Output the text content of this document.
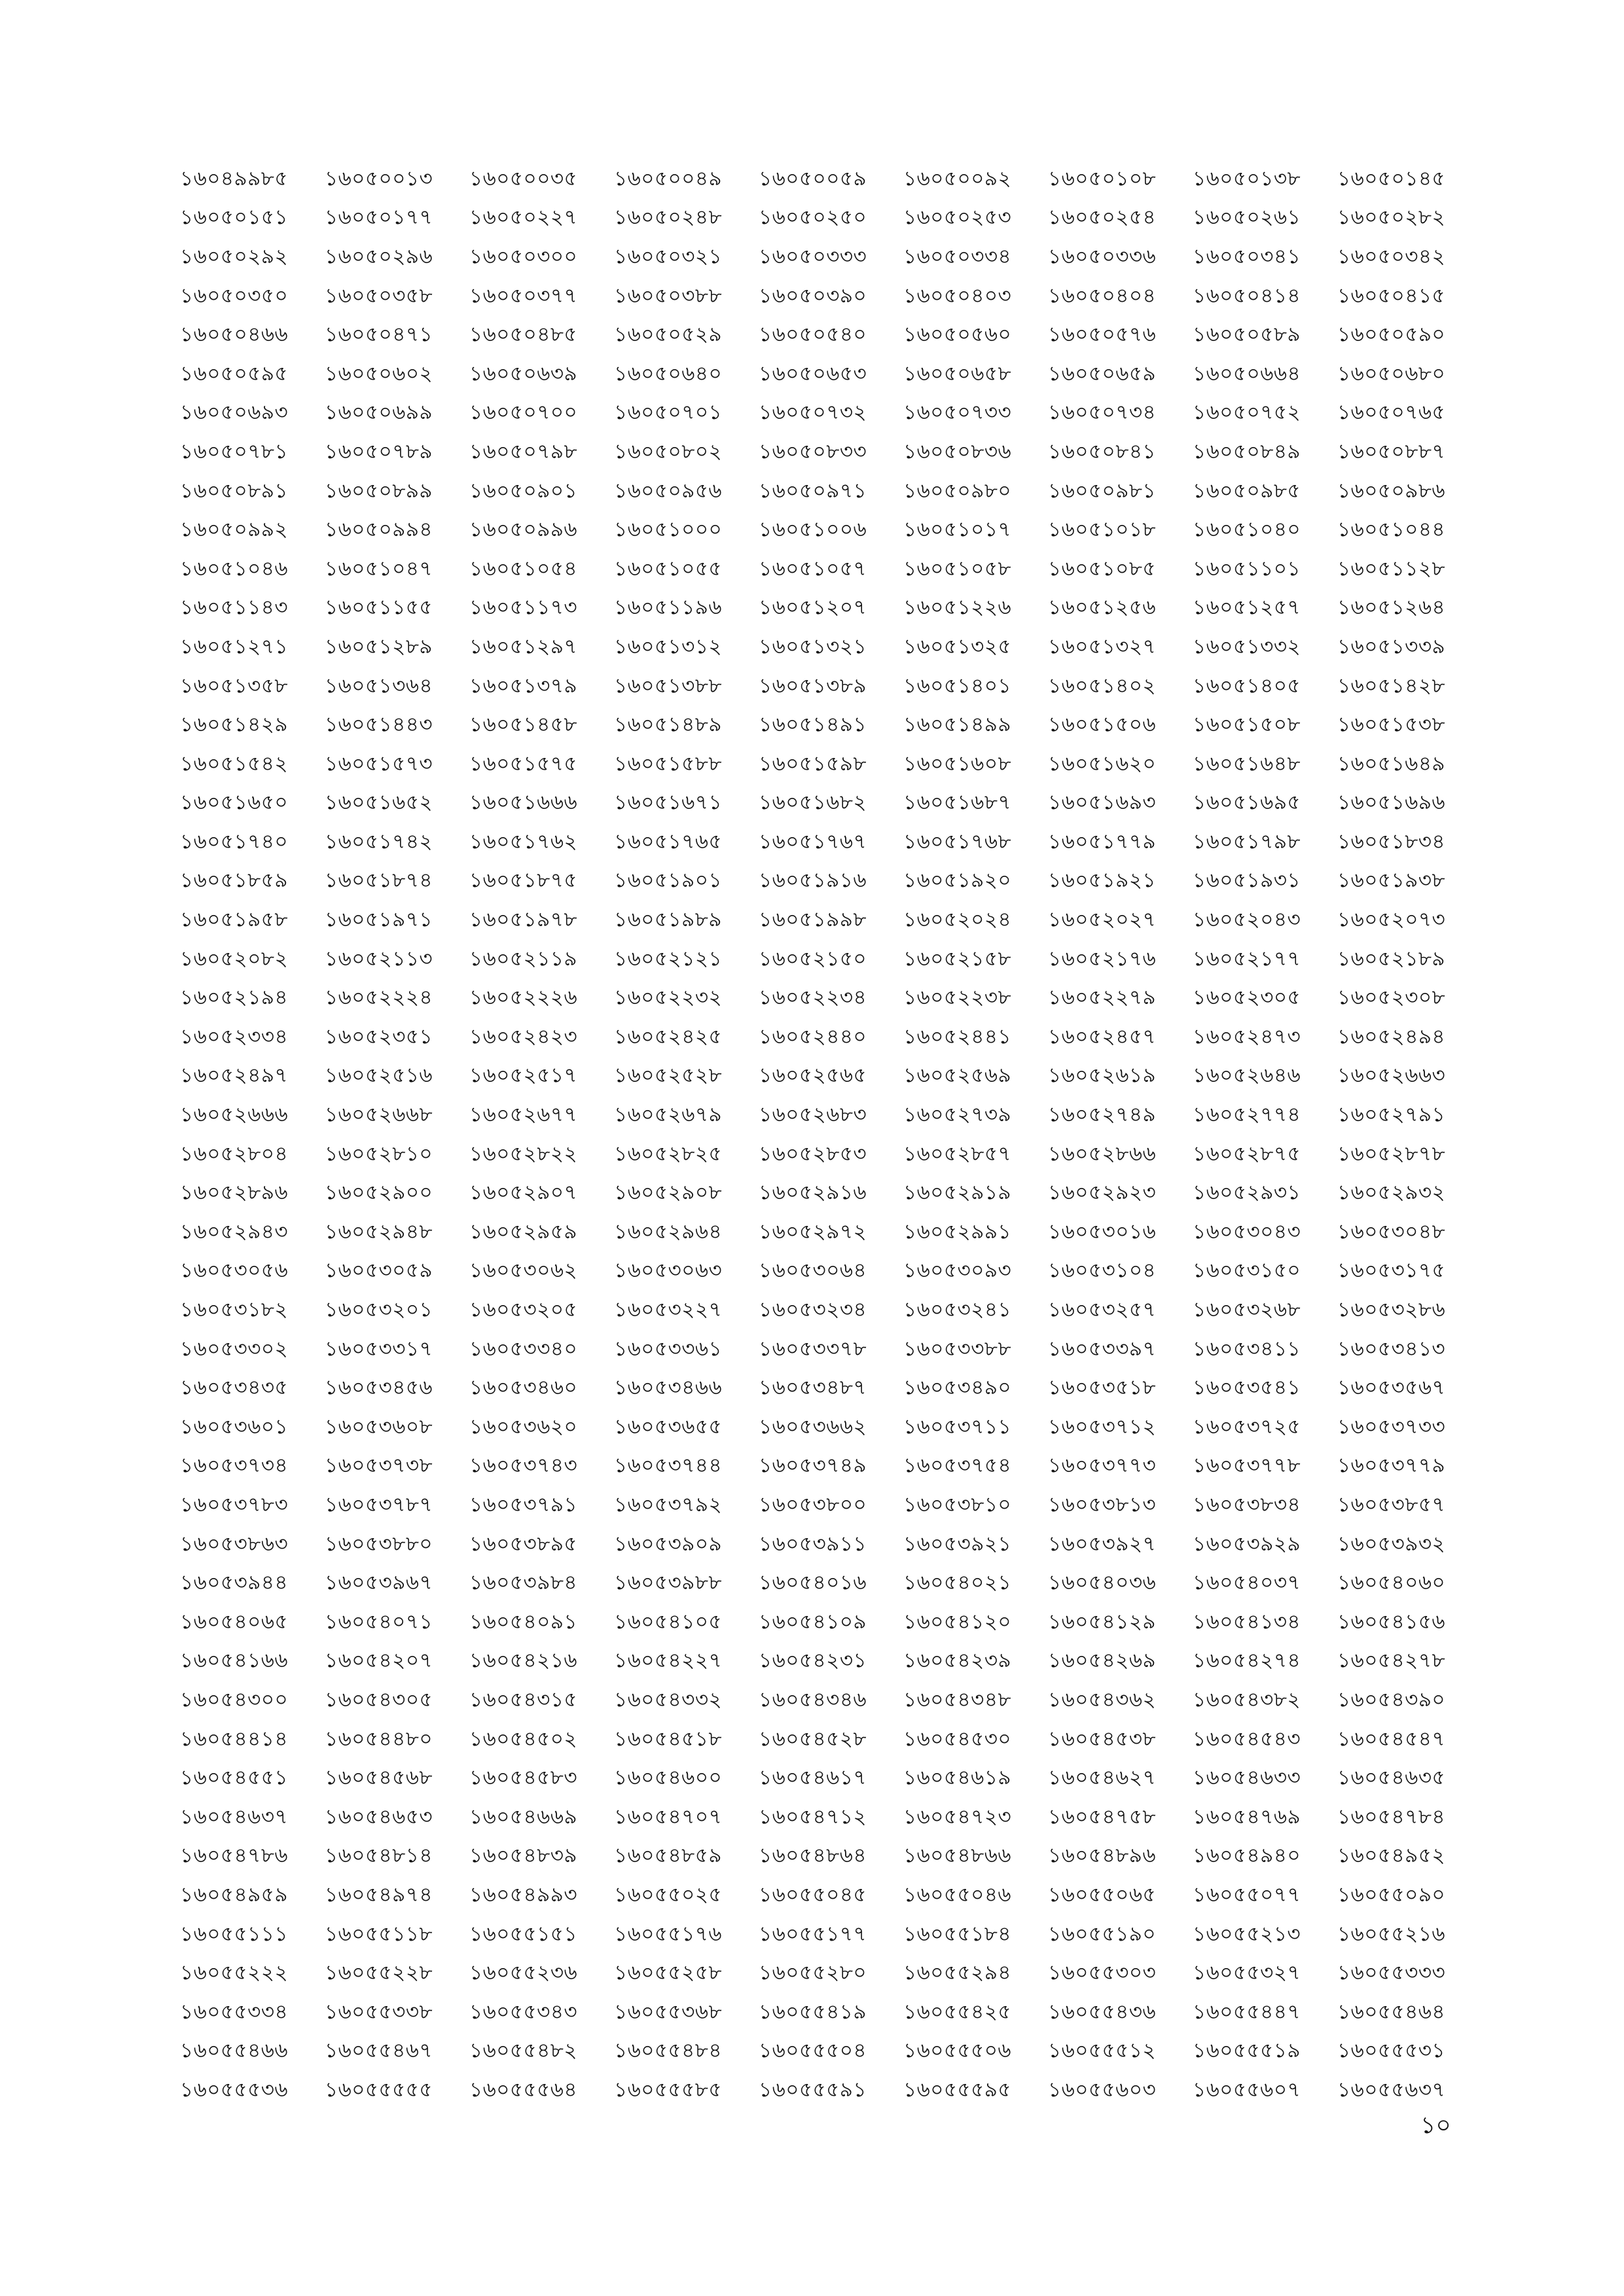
১৬০৪৯৯৮৫	১৬০৫০০১৩	১৬০৫০০৩৫	১৬০৫০০৪৯	১৬০৫০০৫৯	১৬০৫০০৯২	১৬০৫০১০৮	১৬০৫০১৩৮	১৬০৫০১৪৫
১৬০৫০১৫১	১৬০৫০১৭৭	১৬০৫০২২৭	১৬০৫০২৪৮	১৬০৫০২৫০	১৬০৫০২৫৩	১৬০৫০২৫৪	১৬০৫০২৬১	১৬০৫০২৮২
১৬০৫০২৯২	১৬০৫০২৯৬	১৬০৫০৩০০	১৬০৫০৩২১	১৬০৫০৩৩৩	১৬০৫০৩৩৪	১৬০৫০৩৩৬	১৬০৫০৩৪১	১৬০৫০৩৪২
১৬০৫০৩৫০	১৬০৫০৩৫৮	১৬০৫০৩৭৭	১৬০৫০৩৮৮	১৬০৫০৩৯০	১৬০৫০৪০৩	১৬০৫০৪০৪	১৬০৫০৪১৪	১৬০৫০৪১৫
১৬০৫০৪৬৬	১৬০৫০৪৭১	১৬০৫০৪৮৫	১৬০৫০৫২৯	১৬০৫০৫৪০	১৬০৫০৫৬০	১৬০৫০৫৭৬	১৬০৫০৫৮৯	১৬০৫০৫৯০
১৬০৫০৫৯৫	১৬০৫০৬০২	১৬০৫০৬৩৯	১৬০৫০৬৪০	১৬০৫০৬৫৩	১৬০৫০৬৫৮	১৬০৫০৬৫৯	১৬০৫০৬৬৪	১৬০৫০৬৮০
১৬০৫০৬৯৩	১৬০৫০৬৯৯	১৬০৫০৭০০	১৬০৫০৭০১	১৬০৫০৭৩২	১৬০৫০৭৩৩	১৬০৫০৭৩৪	১৬০৫০৭৫২	১৬০৫০৭৬৫
১৬০৫০৭৮১	১৬০৫০৭৮৯	১৬০৫০৭৯৮	১৬০৫০৮০২	১৬০৫০৮৩৩	১৬০৫০৮৩৬	১৬০৫০৮৪১	১৬০৫০৮৪৯	১৬০৫০৮৮৭
১৬০৫০৮৯১	১৬০৫০৮৯৯	১৬০৫০৯০১	১৬০৫০৯৫৬	১৬০৫০৯৭১	১৬০৫০৯৮০	১৬০৫০৯৮১	১৬০৫০৯৮৫	১৬০৫০৯৮৬
১৬০৫০৯৯২	১৬০৫০৯৯৪	১৬০৫০৯৯৬	১৬০৫১০০০	১৬০৫১০০৬	১৬০৫১০১৭	১৬০৫১০১৮	১৬০৫১০৪০	১৬০৫১০৪৪
১৬০৫১০৪৬	১৬০৫১০৪৭	১৬০৫১০৫৪	১৬০৫১০৫৫	১৬০৫১০৫৭	১৬০৫১০৫৮	১৬০৫১০৮৫	১৬০৫১১০১	১৬০৫১১২৮
১৬০৫১১৪৩	১৬০৫১১৫৫	১৬০৫১১৭৩	১৬০৫১১৯৬	১৬০৫১২০৭	১৬০৫১২২৬	১৬০৫১২৫৬	১৬০৫১২৫৭	১৬০৫১২৬৪
১৬০৫১২৭১	১৬০৫১২৮৯	১৬০৫১২৯৭	১৬০৫১৩১২	১৬০৫১৩২১	১৬০৫১৩২৫	১৬০৫১৩২৭	১৬০৫১৩৩২	১৬০৫১৩৩৯
১৬০৫১৩৫৮	১৬০৫১৩৬৪	১৬০৫১৩৭৯	১৬০৫১৩৮৮	১৬০৫১৩৮৯	১৬০৫১৪০১	১৬০৫১৪০২	১৬০৫১৪০৫	১৬০৫১৪২৮
১৬০৫১৪২৯	১৬০৫১৪৪৩	১৬০৫১৪৫৮	১৬০৫১৪৮৯	১৬০৫১৪৯১	১৬০৫১৪৯৯	১৬০৫১৫০৬	১৬০৫১৫০৮	১৬০৫১৫৩৮
১৬০৫১৫৪২	১৬০৫১৫৭৩	১৬০৫১৫৭৫	১৬০৫১৫৮৮	১৬০৫১৫৯৮	১৬০৫১৬০৮	১৬০৫১৬২০	১৬০৫১৬৪৮	১৬০৫১৬৪৯
১৬০৫১৬৫০	১৬০৫১৬৫২	১৬০৫১৬৬৬	১৬০৫১৬৭১	১৬০৫১৬৮২	১৬০৫১৬৮৭	১৬০৫১৬৯৩	১৬০৫১৬৯৫	১৬০৫১৬৯৬
১৬০৫১৭৪০	১৬০৫১৭৪২	১৬০৫১৭৬২	১৬০৫১৭৬৫	১৬০৫১৭৬৭	১৬০৫১৭৬৮	১৬০৫১৭৭৯	১৬০৫১৭৯৮	১৬০৫১৮৩৪
১৬০৫১৮৫৯	১৬০৫১৮৭৪	১৬০৫১৮৭৫	১৬০৫১৯০১	১৬০৫১৯১৬	১৬০৫১৯২০	১৬০৫১৯২১	১৬০৫১৯৩১	১৬০৫১৯৩৮
১৬০৫১৯৫৮	১৬০৫১৯৭১	১৬০৫১৯৭৮	১৬০৫১৯৮৯	১৬০৫১৯৯৮	১৬০৫২০২৪	১৬০৫২০২৭	১৬০৫২০৪৩	১৬০৫২০৭৩
১৬০৫২০৮২	১৬০৫২১১৩	১৬০৫২১১৯	১৬০৫২১২১	১৬০৫২১৫০	১৬০৫২১৫৮	১৬০৫২১৭৬	১৬০৫২১৭৭	১৬০৫২১৮৯
১৬০৫২১৯৪	১৬০৫২২২৪	১৬০৫২২২৬	১৬০৫২২৩২	১৬০৫২২৩৪	১৬০৫২২৩৮	১৬০৫২২৭৯	১৬০৫২৩০৫	১৬০৫২৩০৮
১৬০৫২৩৩৪	১৬০৫২৩৫১	১৬০৫২৪২৩	১৬০৫২৪২৫	১৬০৫২৪৪০	১৬০৫২৪৪১	১৬০৫২৪৫৭	১৬০৫২৪৭৩	১৬০৫২৪৯৪
১৬০৫২৪৯৭	১৬০৫২৫১৬	১৬০৫২৫১৭	১৬০৫২৫২৮	১৬০৫২৫৬৫	১৬০৫২৫৬৯	১৬০৫২৬১৯	১৬০৫২৬৪৬	১৬০৫২৬৬৩
১৬০৫২৬৬৬	১৬০৫২৬৬৮	১৬০৫২৬৭৭	১৬০৫২৬৭৯	১৬০৫২৬৮৩	১৬০৫২৭৩৯	১৬০৫২৭৪৯	১৬০৫২৭৭৪	১৬০৫২৭৯১
১৬০৫২৮০৪	১৬০৫২৮১০	১৬০৫২৮২২	১৬০৫২৮২৫	১৬০৫২৮৫৩	১৬০৫২৮৫৭	১৬০৫২৮৬৬	১৬০৫২৮৭৫	১৬০৫২৮৭৮
১৬০৫২৮৯৬	১৬০৫২৯০০	১৬০৫২৯০৭	১৬০৫২৯০৮	১৬০৫২৯১৬	১৬০৫২৯১৯	১৬০৫২৯২৩	১৬০৫২৯৩১	১৬০৫২৯৩২
১৬০৫২৯৪৩	১৬০৫২৯৪৮	১৬০৫২৯৫৯	১৬০৫২৯৬৪	১৬০৫২৯৭২	১৬০৫২৯৯১	১৬০৫৩০১৬	১৬০৫৩০৪৩	১৬০৫৩০৪৮
১৬০৫৩০৫৬	১৬০৫৩০৫৯	১৬০৫৩০৬২	১৬০৫৩০৬৩	১৬০৫৩০৬৪	১৬০৫৩০৯৩	১৬০৫৩১০৪	১৬০৫৩১৫০	১৬০৫৩১৭৫
১৬০৫৩১৮২	১৬০৫৩২০১	১৬০৫৩২০৫	১৬০৫৩২২৭	১৬০৫৩২৩৪	১৬০৫৩২৪১	১৬০৫৩২৫৭	১৬০৫৩২৬৮	১৬০৫৩২৮৬
১৬০৫৩৩০২	১৬০৫৩৩১৭	১৬০৫৩৩৪০	১৬০৫৩৩৬১	১৬০৫৩৩৭৮	১৬০৫৩৩৮৮	১৬০৫৩৩৯৭	১৬০৫৩৪১১	১৬০৫৩৪১৩
১৬০৫৩৪৩৫	১৬০৫৩৪৫৬	১৬০৫৩৪৬০	১৬০৫৩৪৬৬	১৬০৫৩৪৮৭	১৬০৫৩৪৯০	১৬০৫৩৫১৮	১৬০৫৩৫৪১	১৬০৫৩৫৬৭
১৬০৫৩৬০১	১৬০৫৩৬০৮	১৬০৫৩৬২০	১৬০৫৩৬৫৫	১৬০৫৩৬৬২	১৬০৫৩৭১১	১৬০৫৩৭১২	১৬০৫৩৭২৫	১৬০৫৩৭৩৩
১৬০৫৩৭৩৪	১৬০৫৩৭৩৮	১৬০৫৩৭৪৩	১৬০৫৩৭৪৪	১৬০৫৩৭৪৯	১৬০৫৩৭৫৪	১৬০৫৩৭৭৩	১৬০৫৩৭৭৮	১৬০৫৩৭৭৯
১৬০৫৩৭৮৩	১৬০৫৩৭৮৭	১৬০৫৩৭৯১	১৬০৫৩৭৯২	১৬০৫৩৮০০	১৬০৫৩৮১০	১৬০৫৩৮১৩	১৬০৫৩৮৩৪	১৬০৫৩৮৫৭
১৬০৫৩৮৬৩	১৬০৫৩৮৮০	১৬০৫৩৮৯৫	১৬০৫৩৯০৯	১৬০৫৩৯১১	১৬০৫৩৯২১	১৬০৫৩৯২৭	১৬০৫৩৯২৯	১৬০৫৩৯৩২
১৬০৫৩৯৪৪	১৬০৫৩৯৬৭	১৬০৫৩৯৮৪	১৬০৫৩৯৮৮	১৬০৫৪০১৬	১৬০৫৪০২১	১৬০৫৪০৩৬	১৬০৫৪০৩৭	১৬০৫৪০৬০
১৬০৫৪০৬৫	১৬০৫৪০৭১	১৬০৫৪০৯১	১৬০৫৪১০৫	১৬০৫৪১০৯	১৬০৫৪১২০	১৬০৫৪১২৯	১৬০৫৪১৩৪	১৬০৫৪১৫৬
১৬০৫৪১৬৬	১৬০৫৪২০৭	১৬০৫৪২১৬	১৬০৫৪২২৭	১৬০৫৪২৩১	১৬০৫৪২৩৯	১৬০৫৪২৬৯	১৬০৫৪২৭৪	১৬০৫৪২৭৮
১৬০৫৪৩০০	১৬০৫৪৩০৫	১৬০৫৪৩১৫	১৬০৫৪৩৩২	১৬০৫৪৩৪৬	১৬০৫৪৩৪৮	১৬০৫৪৩৬২	১৬০৫৪৩৮২	১৬০৫৪৩৯০
১৬০৫৪৪১৪	১৬০৫৪৪৮০	১৬০৫৪৫০২	১৬০৫৪৫১৮	১৬০৫৪৫২৮	১৬০৫৪৫৩০	১৬০৫৪৫৩৮	১৬০৫৪৫৪৩	১৬০৫৪৫৪৭
১৬০৫৪৫৫১	১৬০৫৪৫৬৮	১৬০৫৪৫৮৩	১৬০৫৪৬০০	১৬০৫৪৬১৭	১৬০৫৪৬১৯	১৬০৫৪৬২৭	১৬০৫৪৬৩৩	১৬০৫৪৬৩৫
১৬০৫৪৬৩৭	১৬০৫৪৬৫৩	১৬০৫৪৬৬৯	১৬০৫৪৭০৭	১৬০৫৪৭১২	১৬০৫৪৭২৩	১৬০৫৪৭৫৮	১৬০৫৪৭৬৯	১৬০৫৪৭৮৪
১৬০৫৪৭৮৬	১৬০৫৪৮১৪	১৬০৫৪৮৩৯	১৬০৫৪৮৫৯	১৬০৫৪৮৬৪	১৬০৫৪৮৬৬	১৬০৫৪৮৯৬	১৬০৫৪৯৪০	১৬০৫৪৯৫২
১৬০৫৪৯৫৯	১৬০৫৪৯৭৪	১৬০৫৪৯৯৩	১৬০৫৫০২৫	১৬০৫৫০৪৫	১৬০৫৫০৪৬	১৬০৫৫০৬৫	১৬০৫৫০৭৭	১৬০৫৫০৯০
১৬০৫৫১১১	১৬০৫৫১১৮	১৬০৫৫১৫১	১৬০৫৫১৭৬	১৬০৫৫১৭৭	১৬০৫৫১৮৪	১৬০৫৫১৯০	১৬০৫৫২১৩	১৬০৫৫২১৬
১৬০৫৫২২২	১৬০৫৫২২৮	১৬০৫৫২৩৬	১৬০৫৫২৫৮	১৬০৫৫২৮০	১৬০৫৫২৯৪	১৬০৫৫৩০৩	১৬০৫৫৩২৭	১৬০৫৫৩৩৩
১৬০৫৫৩৩৪	১৬০৫৫৩৩৮	১৬০৫৫৩৪৩	১৬০৫৫৩৬৮	১৬০৫৫৪১৯	১৬০৫৫৪২৫	১৬০৫৫৪৩৬	১৬০৫৫৪৪৭	১৬০৫৫৪৬৪
১৬০৫৫৪৬৬	১৬০৫৫৪৬৭	১৬০৫৫৪৮২	১৬০৫৫৪৮৪	১৬০৫৫৫০৪	১৬০৫৫৫০৬	১৬০৫৫৫১২	১৬০৫৫৫১৯	১৬০৫৫৫৩১
১৬০৫৫৫৩৬	১৬০৫৫৫৫৫	১৬০৫৫৫৬৪	১৬০৫৫৫৮৫	১৬০৫৫৫৯১	১৬০৫৫৫৯৫	১৬০৫৫৬০৩	১৬০৫৫৬০৭	১৬০৫৫৬৩৭
১০
